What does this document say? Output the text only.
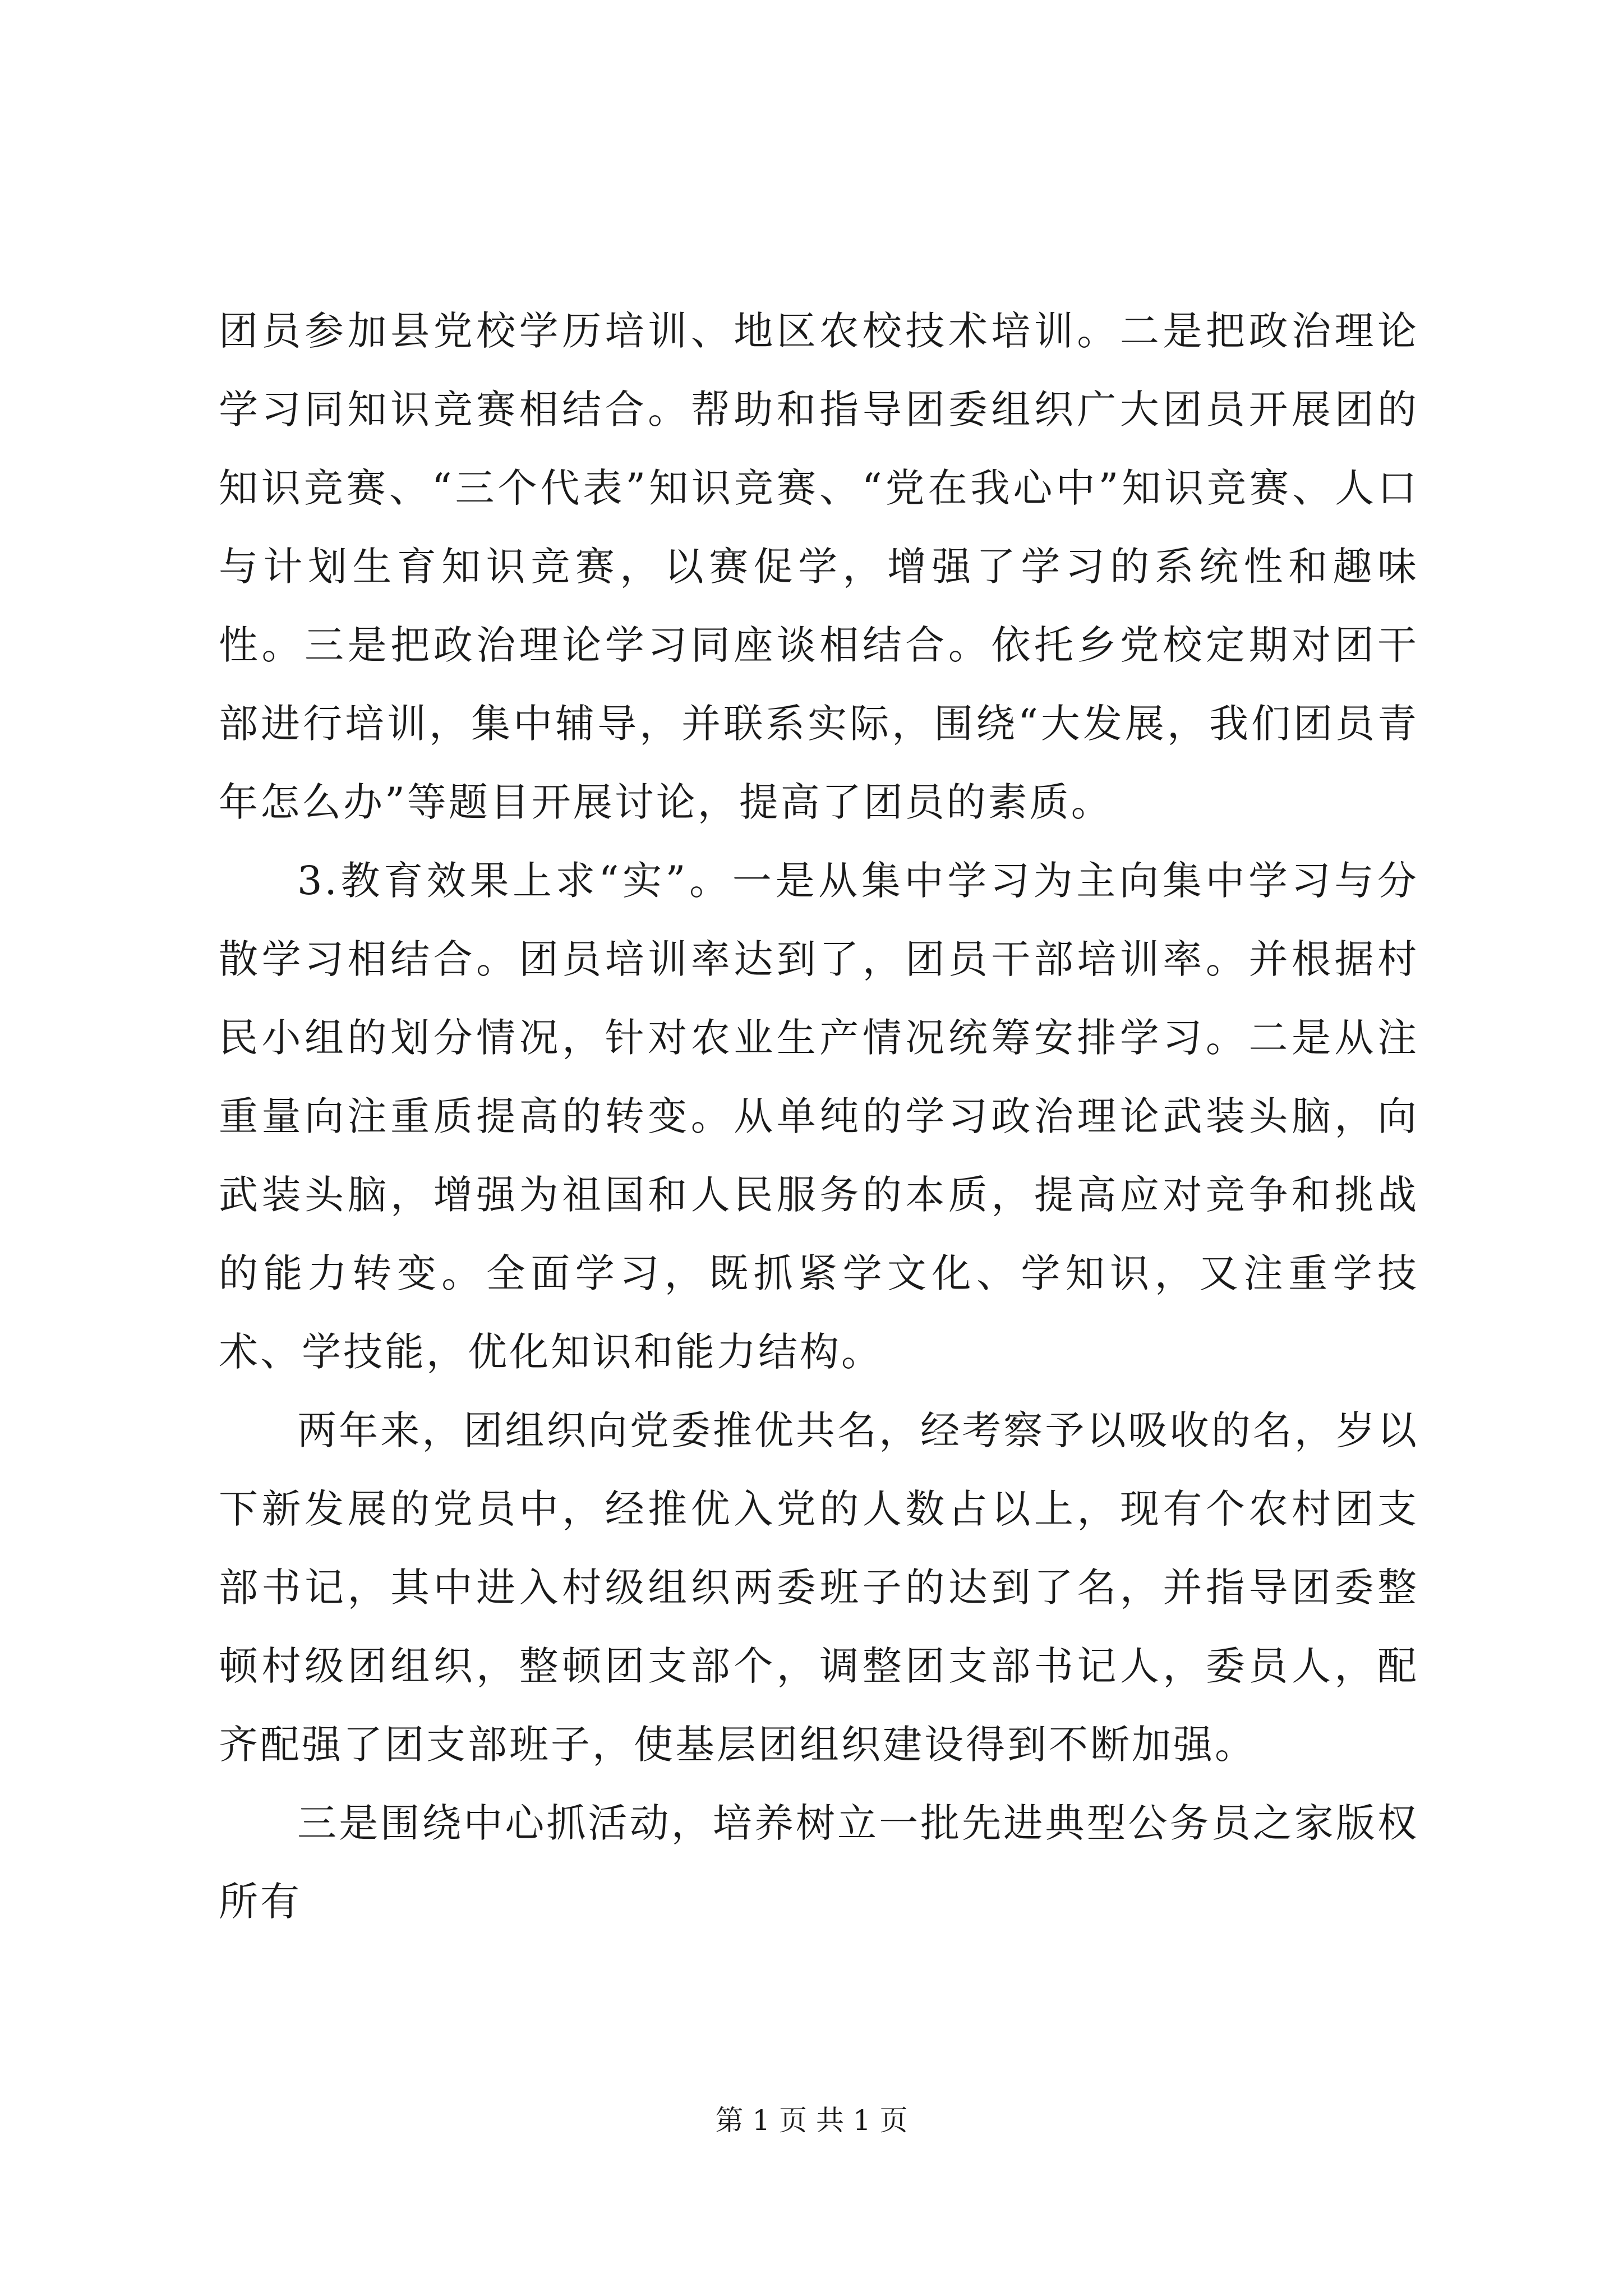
团员参加县党校学历培训、地区农校技术培训。二是把政治理论学习同知识竞赛相结合。帮助和指导团委组织广大团员开展团的知识竞赛、“三个代表”知识竞赛、“党在我心中”知识竞赛、人口与计划生育知识竞赛，以赛促学，增强了学习的系统性和趣味性。三是把政治理论学习同座谈相结合。依托乡党校定期对团干部进行培训，集中辅导，并联系实际，围绕“大发展，我们团员青年怎么办”等题目开展讨论，提高了团员的素质。

3.教育效果上求“实”。一是从集中学习为主向集中学习与分散学习相结合。团员培训率达到了，团员干部培训率。并根据村民小组的划分情况，针对农业生产情况统筹安排学习。二是从注重量向注重质提高的转变。从单纯的学习政治理论武装头脑，向武装头脑，增强为祖国和人民服务的本质，提高应对竞争和挑战的能力转变。全面学习，既抓紧学文化、学知识，又注重学技术、学技能，优化知识和能力结构。

两年来，团组织向党委推优共名，经考察予以吸收的名，岁以下新发展的党员中，经推优入党的人数占以上，现有个农村团支部书记，其中进入村级组织两委班子的达到了名，并指导团委整顿村级团组织，整顿团支部个，调整团支部书记人，委员人，配齐配强了团支部班子，使基层团组织建设得到不断加强。

三是围绕中心抓活动，培养树立一批先进典型公务员之家版权所有

第 1 页 共 1 页
